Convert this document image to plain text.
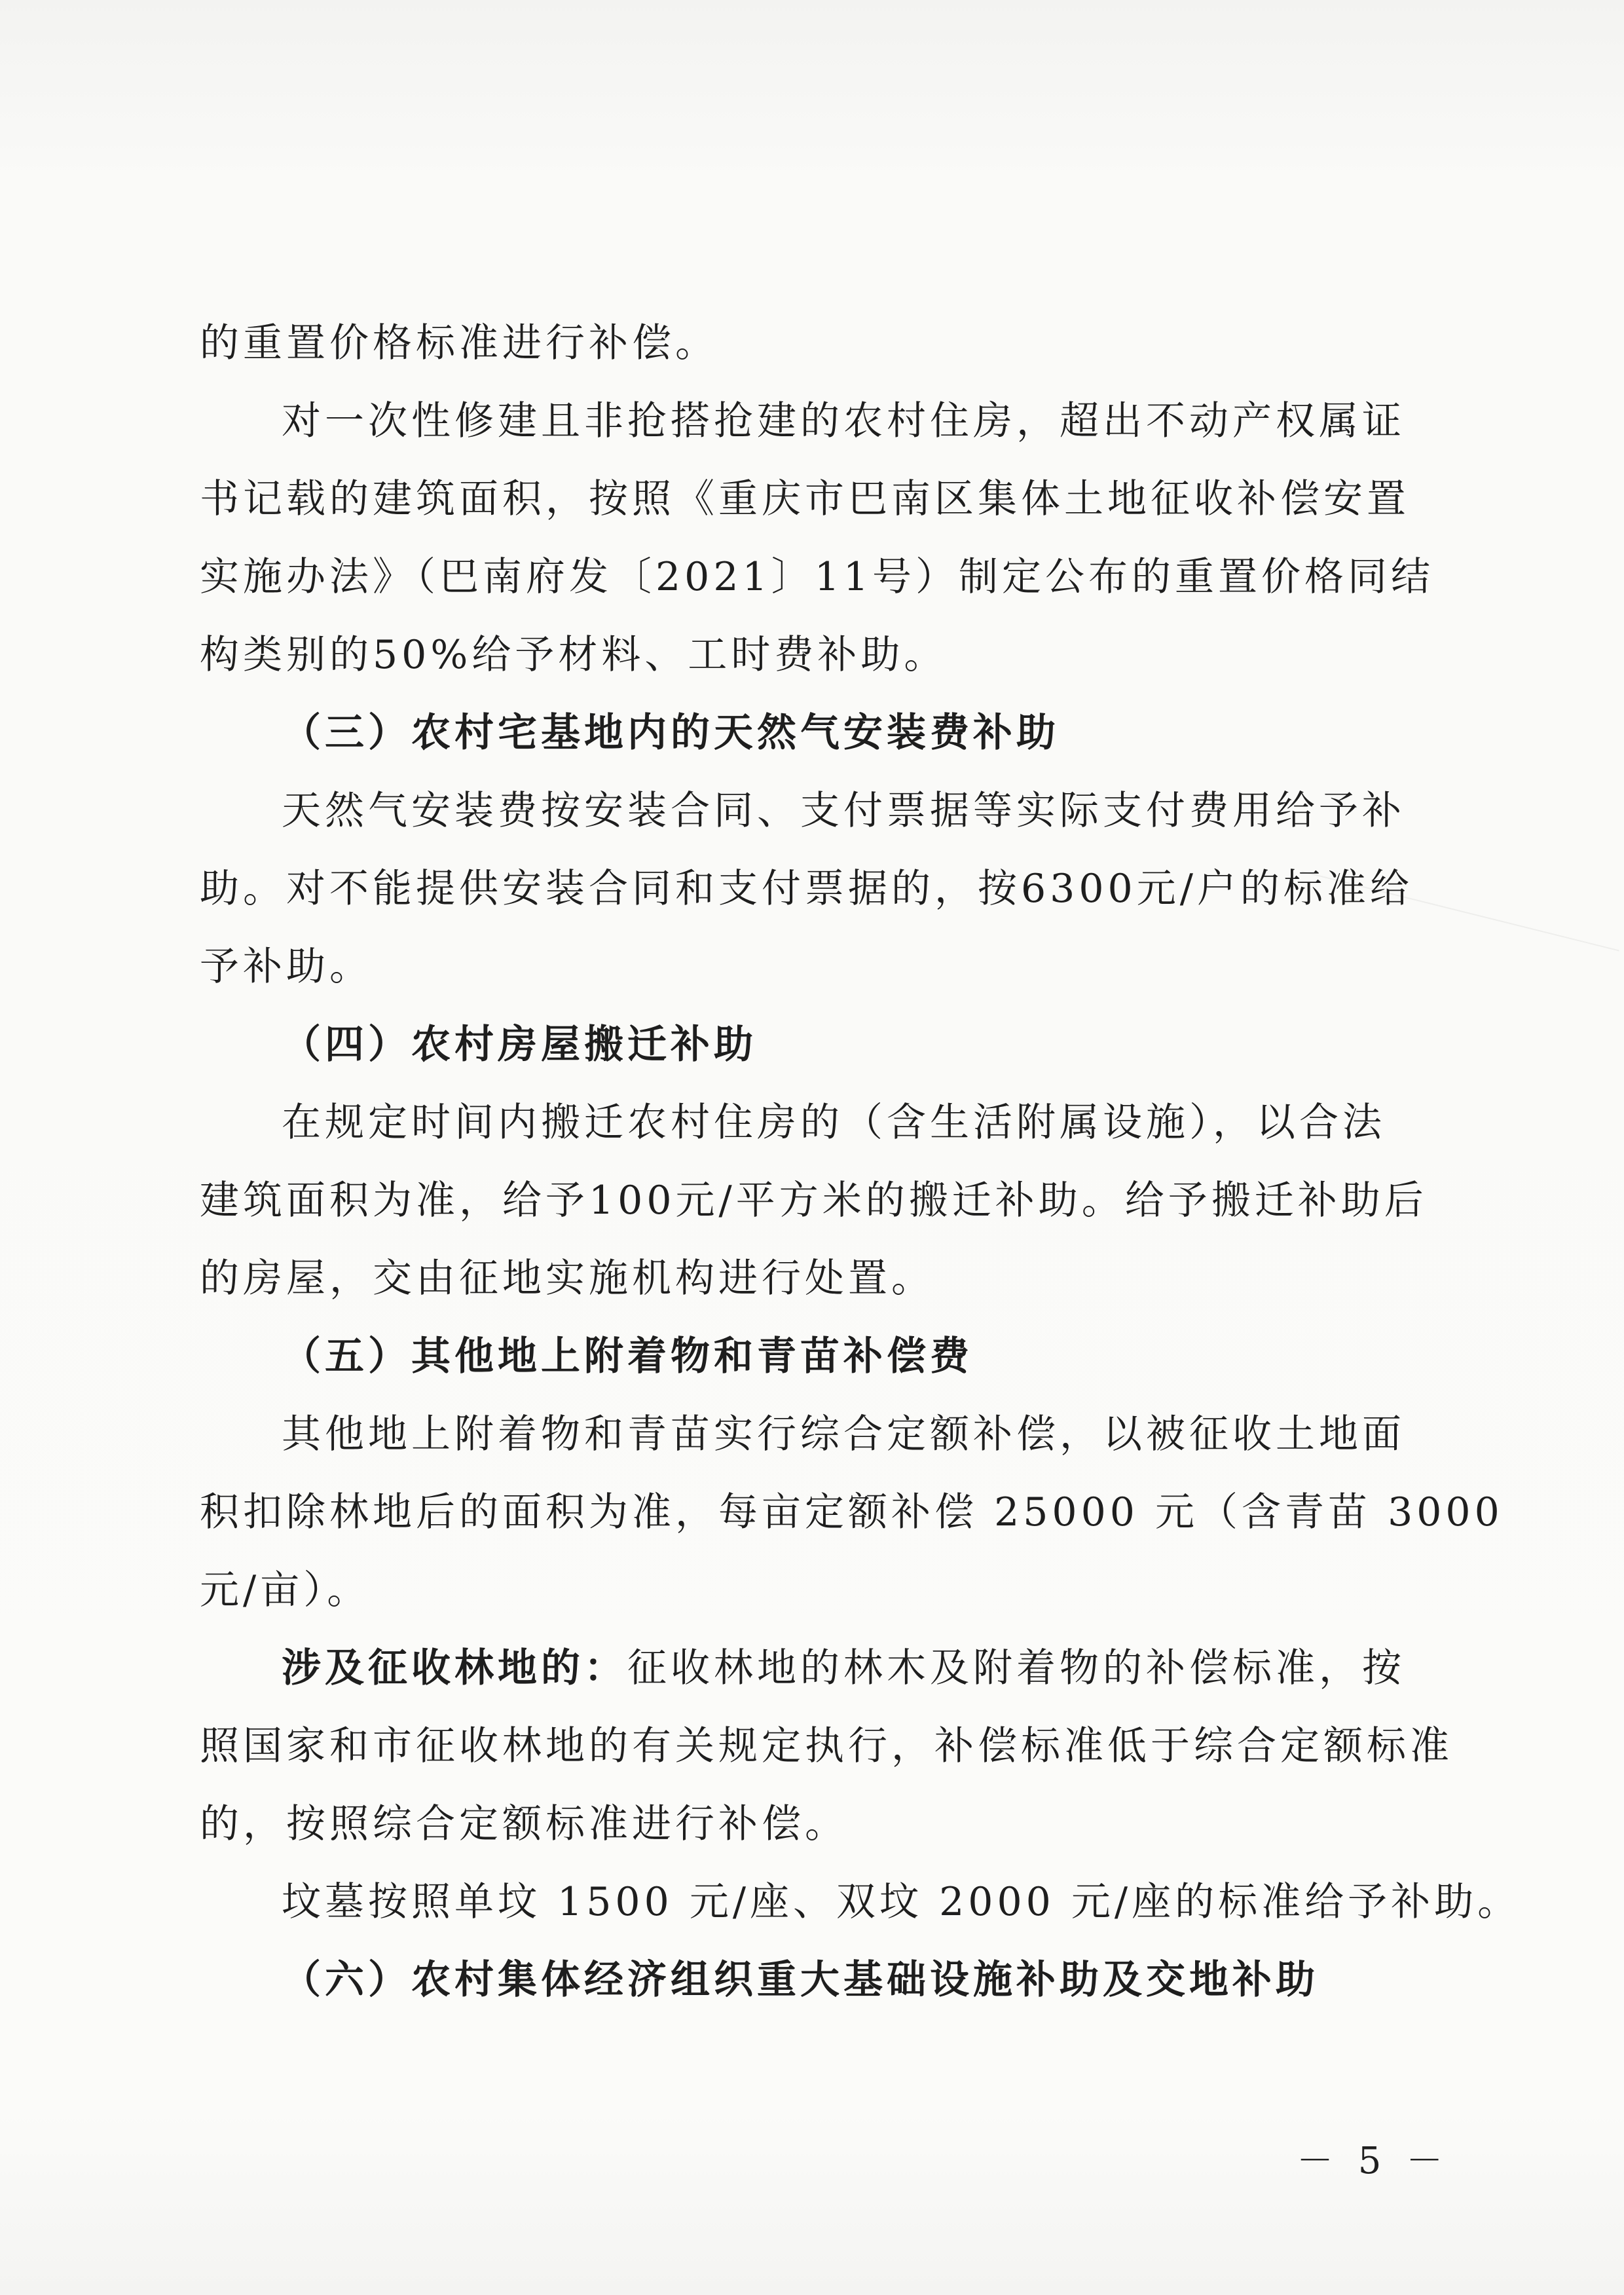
的重置价格标准进行补偿。
对一次性修建且非抢搭抢建的农村住房，超出不动产权属证
书记载的建筑面积，按照《重庆市巴南区集体土地征收补偿安置
实施办法》（巴南府发〔2021〕11号）制定公布的重置价格同结
构类别的50%给予材料、工时费补助。
（三）农村宅基地内的天然气安装费补助
天然气安装费按安装合同、支付票据等实际支付费用给予补
助。对不能提供安装合同和支付票据的，按6300元/户的标准给
予补助。
（四）农村房屋搬迁补助
在规定时间内搬迁农村住房的（含生活附属设施），以合法
建筑面积为准，给予100元/平方米的搬迁补助。给予搬迁补助后
的房屋，交由征地实施机构进行处置。
（五）其他地上附着物和青苗补偿费
其他地上附着物和青苗实行综合定额补偿，以被征收土地面
积扣除林地后的面积为准，每亩定额补偿 25000 元（含青苗 3000
元/亩）。
涉及征收林地的：征收林地的林木及附着物的补偿标准，按
照国家和市征收林地的有关规定执行，补偿标准低于综合定额标准
的，按照综合定额标准进行补偿。
坟墓按照单坟 1500 元/座、双坟 2000 元/座的标准给予补助。
（六）农村集体经济组织重大基础设施补助及交地补助
－ 5 －
